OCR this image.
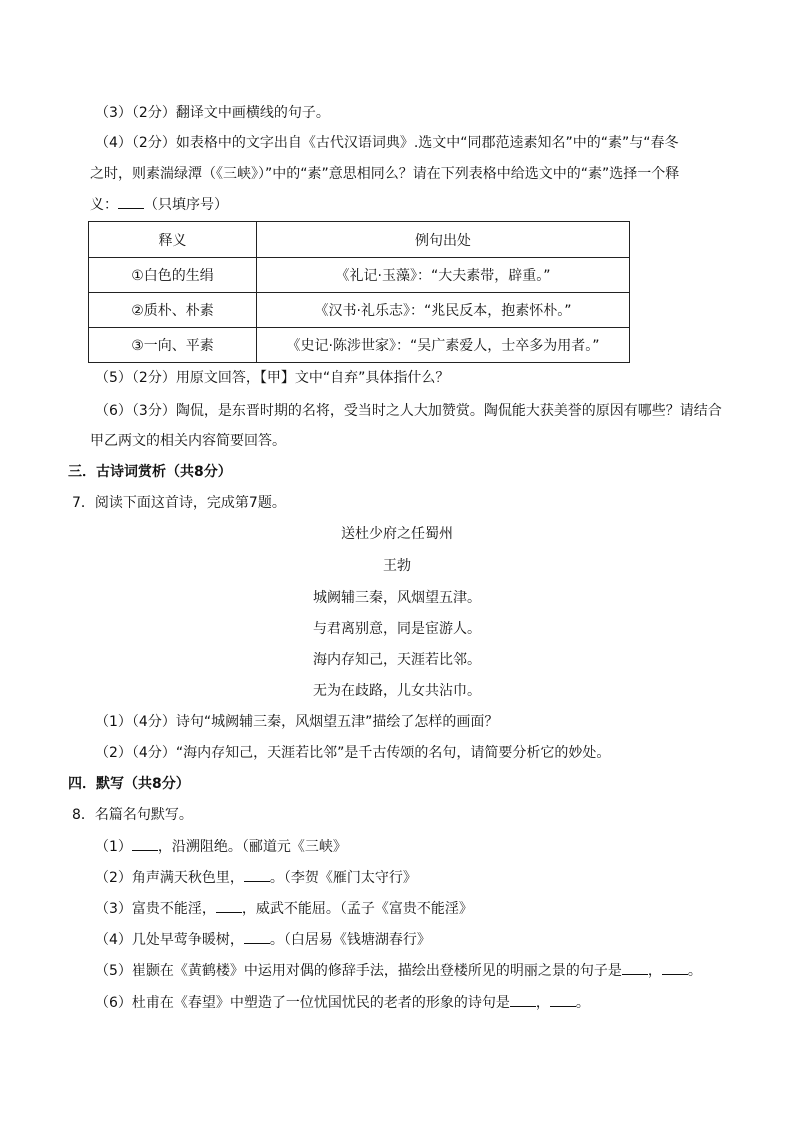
（3）（2分）翻译文中画横线的句子。
（4）（2分）如表格中的文字出自《古代汉语词典》.选文中“同郡范逵素知名”中的“素”与“春冬
之时，则素湍绿潭（《三峡》）”中的“素”意思相同么？请在下列表格中给选文中的“素”选择一个释
义： （只填序号）
释义	例句出处
①白色的生绢	《礼记·玉藻》：“大夫素带，辟重。”
②质朴、朴素	《汉书·礼乐志》：“兆民反本，抱素怀朴。”
③一向、平素	《史记·陈涉世家》：“吴广素爱人，士卒多为用者。”
（5）（2分）用原文回答，【甲】文中“自弃”具体指什么？
（6）（3分）陶侃，是东晋时期的名将，受当时之人大加赞赏。陶侃能大获美誉的原因有哪些？请结合
甲乙两文的相关内容简要回答。
三．古诗词赏析（共8分）
7．阅读下面这首诗，完成第7题。
送杜少府之任蜀州
王勃
城阙辅三秦，风烟望五津。
与君离别意，同是宦游人。
海内存知己，天涯若比邻。
无为在歧路，儿女共沾巾。
（1）（4分）诗句“城阙辅三秦，风烟望五津”描绘了怎样的画面？
（2）（4分）“海内存知己，天涯若比邻”是千古传颂的名句，请简要分析它的妙处。
四．默写（共8分）
8．名篇名句默写。
（1） ，沿溯阻绝。（郦道元《三峡》
（2）角声满天秋色里， 。（李贺《雁门太守行》
（3）富贵不能淫， ，威武不能屈。（孟子《富贵不能淫》
（4）几处早莺争暖树， 。（白居易《钱塘湖春行》
（5）崔颢在《黄鹤楼》中运用对偶的修辞手法，描绘出登楼所见的明丽之景的句子是 ， 。
（6）杜甫在《春望》中塑造了一位忧国忧民的老者的形象的诗句是 ， 。
